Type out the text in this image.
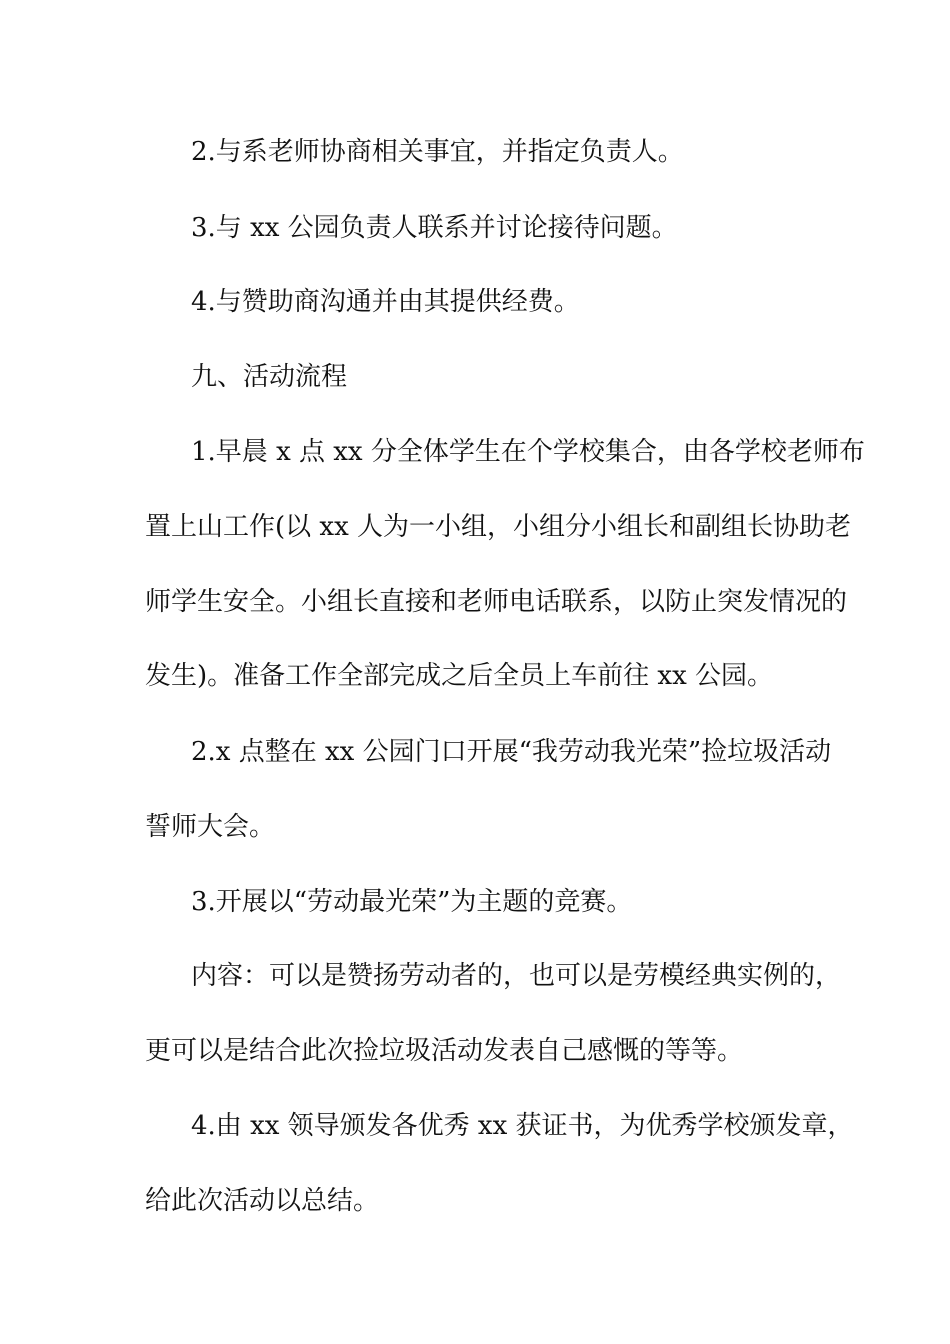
2.与系老师协商相关事宜，并指定负责人。
3.与 xx 公园负责人联系并讨论接待问题。
4.与赞助商沟通并由其提供经费。
九、活动流程
1.早晨 x 点 xx 分全体学生在个学校集合，由各学校老师布
置上山工作(以 xx 人为一小组，小组分小组长和副组长协助老
师学生安全。小组长直接和老师电话联系，以防止突发情况的
发生)。准备工作全部完成之后全员上车前往 xx 公园。
2.x 点整在 xx 公园门口开展“我劳动我光荣”捡垃圾活动
誓师大会。
3.开展以“劳动最光荣”为主题的竞赛。
内容：可以是赞扬劳动者的，也可以是劳模经典实例的，
更可以是结合此次捡垃圾活动发表自己感慨的等等。
4.由 xx 领导颁发各优秀 xx 获证书，为优秀学校颁发章，
给此次活动以总结。
